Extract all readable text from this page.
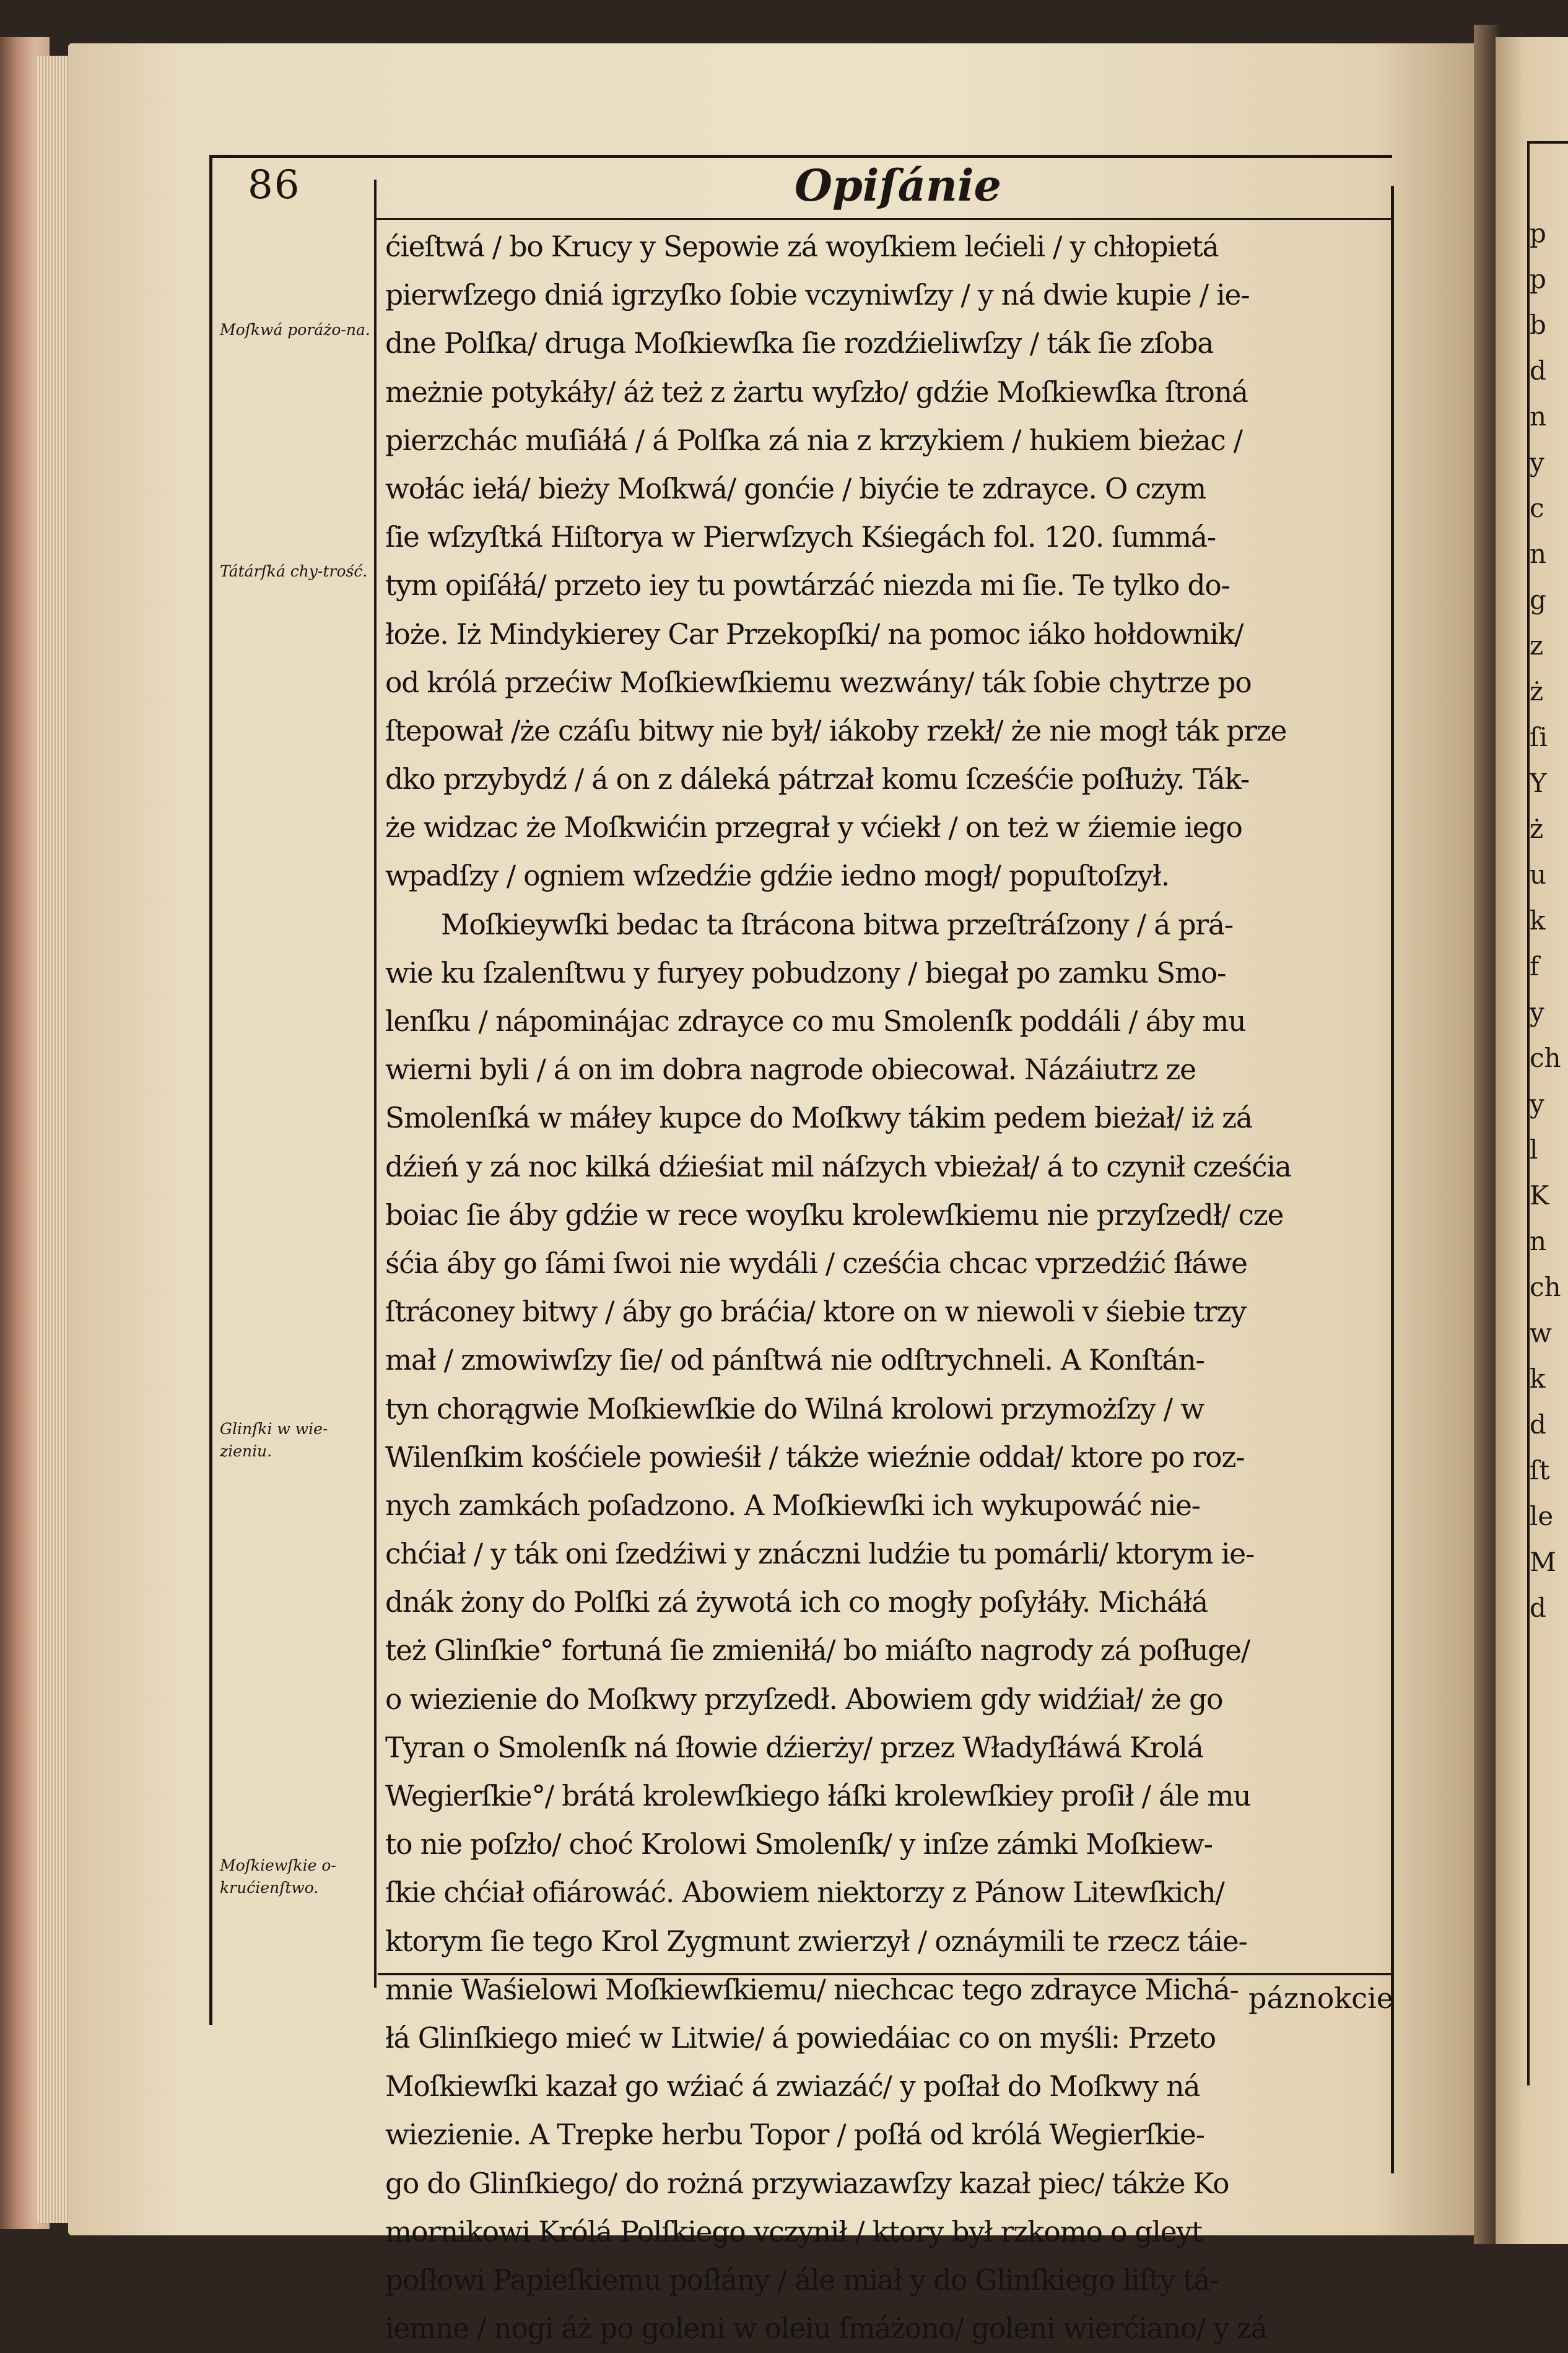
p
p
b
d
n
y
c
n
g
z
ż
ſi
Y
ż
u
k
f
y
ch
y
l
K
n
ch
w
k
d
ſt
le
M
d
86	Opiſánie

Moſkwá poráżo-na.

Tátárſká chy-trość.

Glinſki w wie-zieniu.

Moſkiewſkie o-krućienſtwo.

ćieſtwá / bo Krucy y Sepowie zá woyſkiem lećieli / y chłopietá
pierwſzego dniá igrzyſko ſobie vczyniwſzy / y ná dwie kupie / ie-
dne Polſka/ druga Moſkiewſka ſie rozdźieliwſzy / ták ſie zſoba
meżnie potykáły/ áż też z żartu wyſzło/ gdźie Moſkiewſka ſtroná
pierzchác muſiáłá / á Polſka zá nia z krzykiem / hukiem bieżac /
wołác iełá/ bieży Moſkwá/ gonćie / biyćie te zdrayce. O czym
ſie wſzyſtká Hiſtorya w Pierwſzych Kśiegách fol. 120. ſummá-
tym opiſáłá/ przeto iey tu powtárzáć niezda mi ſie. Te tylko do-
łoże. Iż Mindykierey Car Przekopſki/ na pomoc iáko hołdownik/
od królá przećiw Moſkiewſkiemu wezwány/ ták ſobie chytrze po
ſtepował /że czáſu bitwy nie był/ iákoby rzekł/ że nie mogł ták prze
dko przybydź / á on z dáleká pátrzał komu ſcześćie poſłuży. Ták-
że widzac że Moſkwićin przegrał y vćiekł / on też w źiemie iego
wpadſzy / ogniem wſzedźie gdźie iedno mogł/ popuſtoſzył.
Moſkieywſki bedac ta ſtrácona bitwa przeſtráſzony / á prá-
wie ku ſzalenſtwu y furyey pobudzony / biegał po zamku Smo-
lenſku / nápominájac zdrayce co mu Smolenſk poddáli / áby mu
wierni byli / á on im dobra nagrode obiecował. Názáiutrz ze
Smolenſká w máłey kupce do Moſkwy tákim pedem bieżał/ iż zá
dźień y zá noc kilká dźieśiat mil náſzych vbieżał/ á to czynił cześćia
boiac ſie áby gdźie w rece woyſku krolewſkiemu nie przyſzedł/ cze
śćia áby go ſámi ſwoi nie wydáli / cześćia chcac vprzedźić ſłáwe
ſtráconey bitwy / áby go bráćia/ ktore on w niewoli v śiebie trzy
mał / zmowiwſzy ſie/ od pánſtwá nie odſtrychneli. A Konſtán-
tyn chorągwie Moſkiewſkie do Wilná krolowi przymożſzy / w
Wilenſkim kośćiele powieśił / tákże wieźnie oddał/ ktore po roz-
nych zamkách poſadzono. A Moſkiewſki ich wykupowáć nie-
chćiał / y ták oni ſzedźiwi y znáczni ludźie tu pomárli/ ktorym ie-
dnák żony do Polſki zá żywotá ich co mogły poſyłáły. Micháłá
też Glinſkie° fortuná ſie zmieniłá/ bo miáſto nagrody zá poſługe/
o wiezienie do Moſkwy przyſzedł. Abowiem gdy widźiał/ że go
Tyran o Smolenſk ná ſłowie dźierży/ przez Władyſłáwá Krolá
Wegierſkie°/ brátá krolewſkiego łáſki krolewſkiey proſił / ále mu
to nie poſzło/ choć Krolowi Smolenſk/ y inſze zámki Moſkiew-
ſkie chćiał ofiárowáć. Abowiem niektorzy z Pánow Litewſkich/
ktorym ſie tego Krol Zygmunt zwierzył / oznáymili te rzecz táie-
mnie Waśielowi Moſkiewſkiemu/ niechcac tego zdrayce Michá-
łá Glinſkiego mieć w Litwie/ á powiedáiac co on myśli: Przeto
Moſkiewſki kazał go wźiać á zwiazáć/ y poſłał do Moſkwy ná
wiezienie. A Trepke herbu Topor / poſłá od królá Wegierſkie-
go do Glinſkiego/ do rożná przywiazawſzy kazał piec/ tákże Ko
mornikowi Królá Polſkiego vczynił / ktory był rzkomo o gleyt
poſłowi Papieſkiemu poſłány / ále miał y do Glinſkiego liſty tá-
iemne / nogi áż po goleni w oleiu ſmáżono/ goleni wierćiano/ y zá

páznokcie
